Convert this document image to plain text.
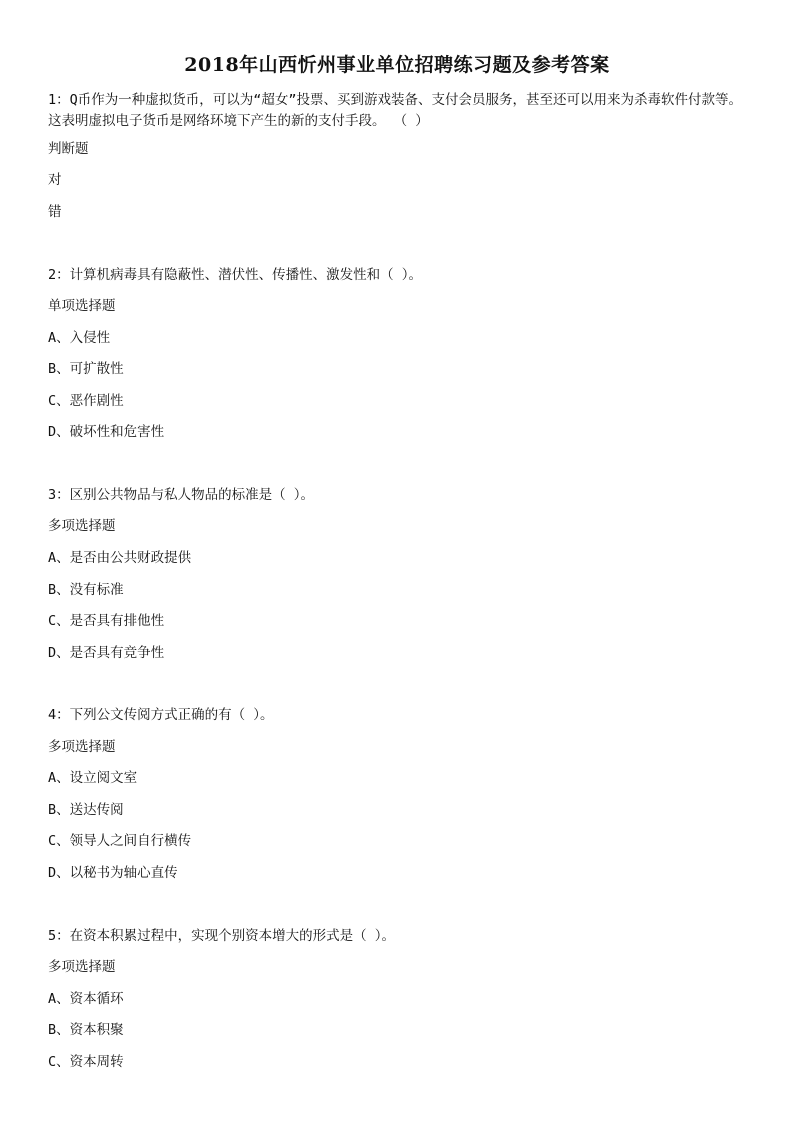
2018年山西忻州事业单位招聘练习题及参考答案
1：Q币作为一种虚拟货币，可以为“超女”投票、买到游戏装备、支付会员服务，甚至还可以用来为杀毒软件付款等。这表明虚拟电子货币是网络环境下产生的新的支付手段。 （ ）
判断题
对
错
2：计算机病毒具有隐蔽性、潜伏性、传播性、激发性和（ ）。
单项选择题
A、入侵性
B、可扩散性
C、恶作剧性
D、破坏性和危害性
3：区别公共物品与私人物品的标准是（ ）。
多项选择题
A、是否由公共财政提供
B、没有标准
C、是否具有排他性
D、是否具有竞争性
4：下列公文传阅方式正确的有（ ）。
多项选择题
A、设立阅文室
B、送达传阅
C、领导人之间自行横传
D、以秘书为轴心直传
5：在资本积累过程中，实现个别资本增大的形式是（ ）。
多项选择题
A、资本循环
B、资本积聚
C、资本周转
